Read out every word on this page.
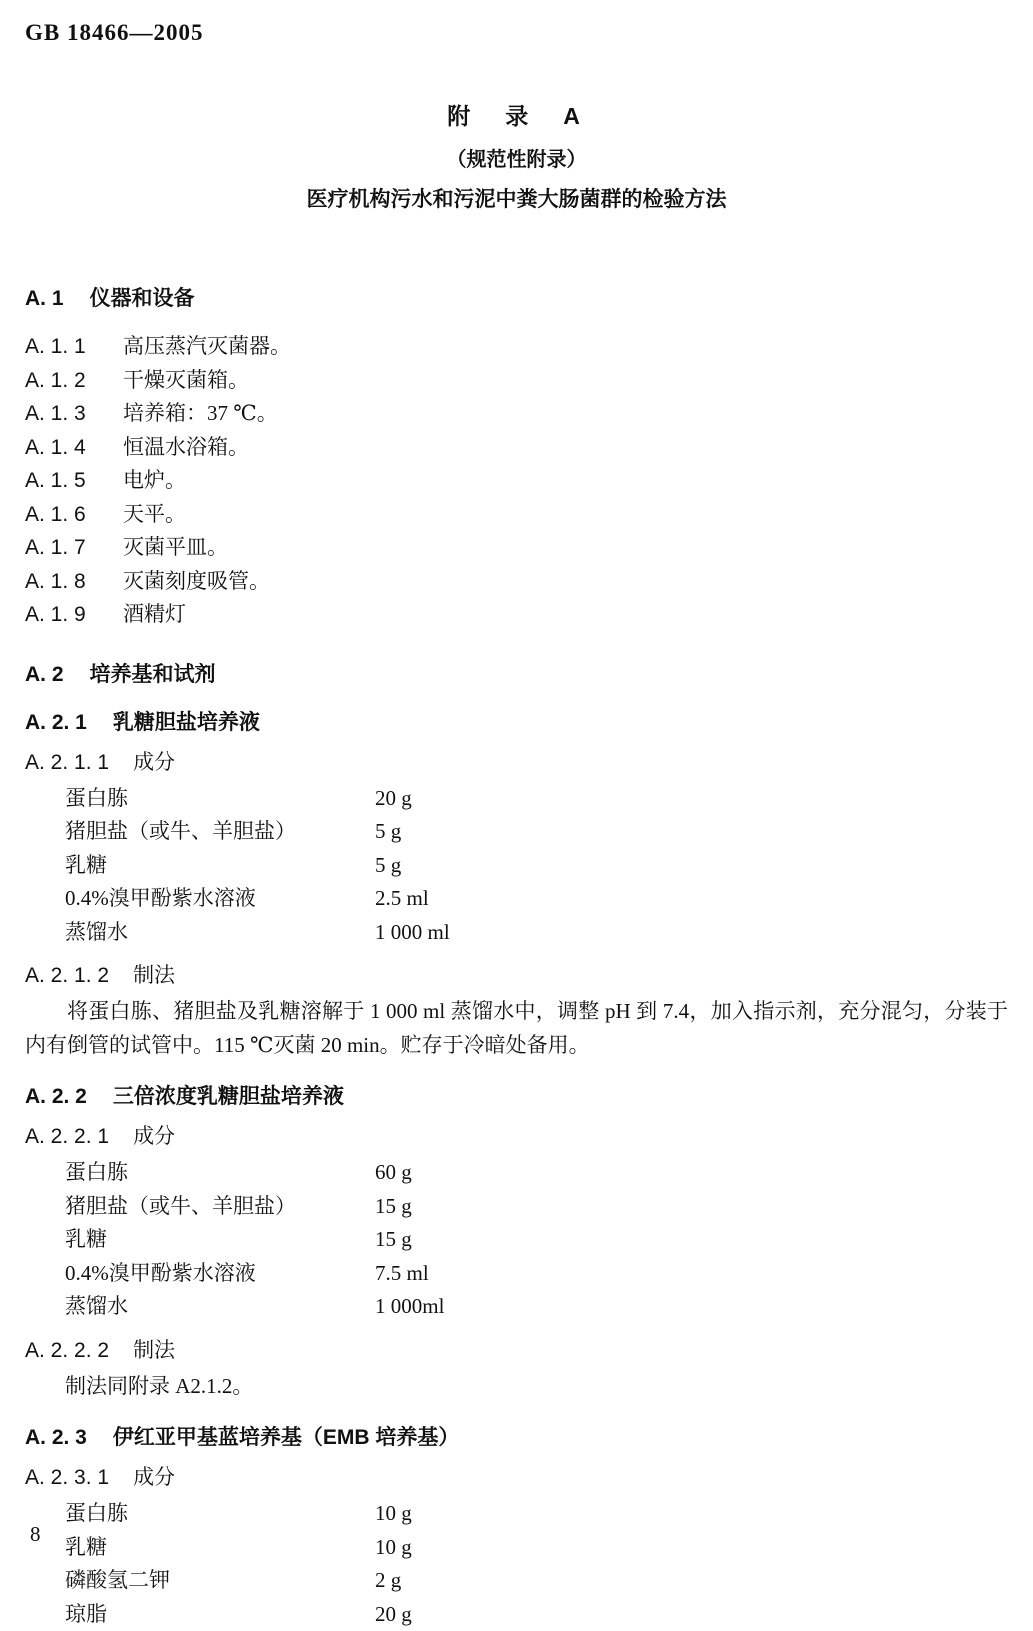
GB 18466—2005
附　录　A
（规范性附录）
医疗机构污水和污泥中粪大肠菌群的检验方法
A. 1 仪器和设备
A. 1. 1 高压蒸汽灭菌器。
A. 1. 2 干燥灭菌箱。
A. 1. 3 培养箱：37 ℃。
A. 1. 4 恒温水浴箱。
A. 1. 5 电炉。
A. 1. 6 天平。
A. 1. 7 灭菌平皿。
A. 1. 8 灭菌刻度吸管。
A. 1. 9 酒精灯
A. 2 培养基和试剂
A. 2. 1 乳糖胆盐培养液
A. 2. 1. 1 成分
蛋白胨	20 g
猪胆盐（或牛、羊胆盐）	5 g
乳糖	5 g
0.4%溴甲酚紫水溶液	2.5 ml
蒸馏水	1 000 ml
A. 2. 1. 2 制法
将蛋白胨、猪胆盐及乳糖溶解于 1 000 ml 蒸馏水中，调整 pH 到 7.4，加入指示剂，充分混匀，分装于内有倒管的试管中。115 ℃灭菌 20 min。贮存于冷暗处备用。
A. 2. 2 三倍浓度乳糖胆盐培养液
A. 2. 2. 1 成分
蛋白胨	60 g
猪胆盐（或牛、羊胆盐）	15 g
乳糖	15 g
0.4%溴甲酚紫水溶液	7.5 ml
蒸馏水	1 000ml
A. 2. 2. 2 制法
制法同附录 A2.1.2。
A. 2. 3 伊红亚甲基蓝培养基（EMB 培养基）
A. 2. 3. 1 成分
蛋白胨	10 g
乳糖	10 g
磷酸氢二钾	2 g
琼脂	20 g
8
